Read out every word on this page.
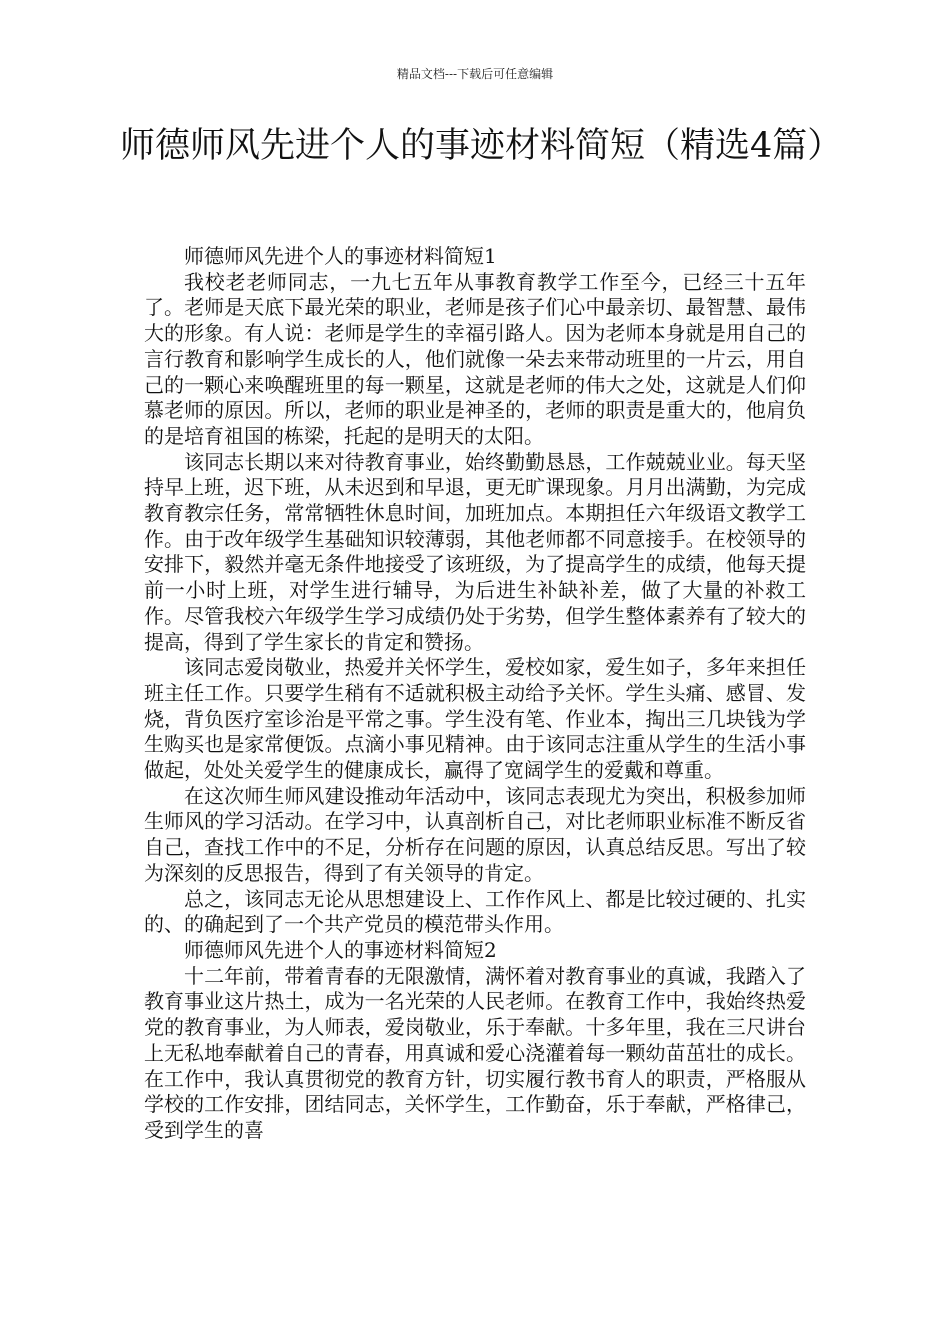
精品文档---下载后可任意编辑
师德师风先进个人的事迹材料简短（精选4篇）

师德师风先进个人的事迹材料简短1

我校老老师同志，一九七五年从事教育教学工作至今，已经三十五年了。老师是天底下最光荣的职业，老师是孩子们心中最亲切、最智慧、最伟大的形象。有人说：老师是学生的幸福引路人。因为老师本身就是用自己的言行教育和影响学生成长的人，他们就像一朵去来带动班里的一片云，用自己的一颗心来唤醒班里的每一颗星，这就是老师的伟大之处，这就是人们仰慕老师的原因。所以，老师的职业是神圣的，老师的职责是重大的，他肩负的是培育祖国的栋梁，托起的是明天的太阳。

该同志长期以来对待教育事业，始终勤勤恳恳，工作兢兢业业。每天坚持早上班，迟下班，从未迟到和早退，更无旷课现象。月月出满勤，为完成教育教宗任务，常常牺牲休息时间，加班加点。本期担任六年级语文教学工作。由于改年级学生基础知识较薄弱，其他老师都不同意接手。在校领导的安排下，毅然并毫无条件地接受了该班级，为了提高学生的成绩，他每天提前一小时上班，对学生进行辅导，为后进生补缺补差，做了大量的补救工作。尽管我校六年级学生学习成绩仍处于劣势，但学生整体素养有了较大的提高，得到了学生家长的肯定和赞扬。

该同志爱岗敬业，热爱并关怀学生，爱校如家，爱生如子，多年来担任班主任工作。只要学生稍有不适就积极主动给予关怀。学生头痛、感冒、发烧，背负医疗室诊治是平常之事。学生没有笔、作业本，掏出三几块钱为学生购买也是家常便饭。点滴小事见精神。由于该同志注重从学生的生活小事做起，处处关爱学生的健康成长，赢得了宽阔学生的爱戴和尊重。

在这次师生师风建设推动年活动中，该同志表现尤为突出，积极参加师生师风的学习活动。在学习中，认真剖析自己，对比老师职业标准不断反省自己，查找工作中的不足，分析存在问题的原因，认真总结反思。写出了较为深刻的反思报告，得到了有关领导的肯定。

总之，该同志无论从思想建设上、工作作风上、都是比较过硬的、扎实的、的确起到了一个共产党员的模范带头作用。

师德师风先进个人的事迹材料简短2

十二年前，带着青春的无限激情，满怀着对教育事业的真诚，我踏入了教育事业这片热土，成为一名光荣的人民老师。在教育工作中，我始终热爱党的教育事业，为人师表，爱岗敬业，乐于奉献。十多年里，我在三尺讲台上无私地奉献着自己的青春，用真诚和爱心浇灌着每一颗幼苗茁壮的成长。在工作中，我认真贯彻党的教育方针，切实履行教书育人的职责，严格服从学校的工作安排，团结同志，关怀学生，工作勤奋，乐于奉献，严格律己，受到学生的喜
